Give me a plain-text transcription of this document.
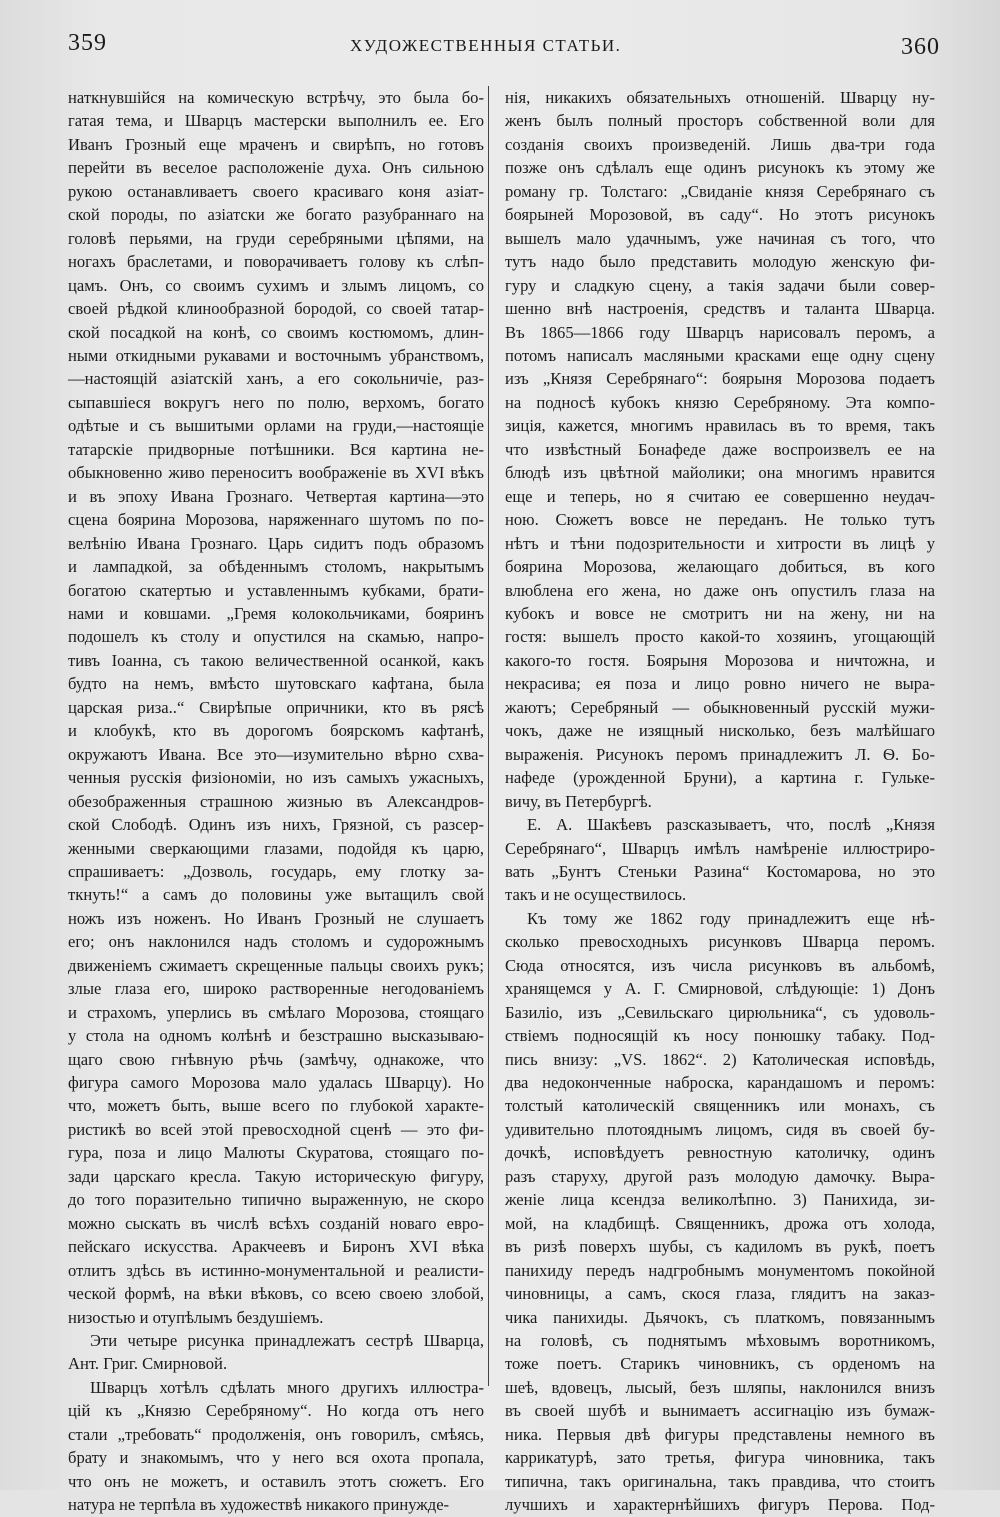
359	ХУДОЖЕСТВЕННЫЯ СТАТЬИ.	360
наткнувшійся на комическую встрѣчу, это была бо-
гатая тема, и Шварцъ мастерски выполнилъ ее. Его
Иванъ Грозный еще мраченъ и свирѣпъ, но готовъ
перейти въ веселое расположеніе духа. Онъ сильною
рукою останавливаетъ своего красиваго коня азіат-
ской породы, по азіатски же богато разубраннаго на
головѣ перьями, на груди серебряными цѣпями, на
ногахъ браслетами, и поворачиваетъ голову къ слѣп-
цамъ. Онъ, со своимъ сухимъ и злымъ лицомъ, со
своей рѣдкой клинообразной бородой, со своей татар-
ской посадкой на конѣ, со своимъ костюмомъ, длин-
ными откидными рукавами и восточнымъ убранствомъ,
—настоящій азіатскій ханъ, а его сокольничіе, раз-
сыпавшіеся вокругъ него по полю, верхомъ, богато
одѣтые и съ вышитыми орлами на груди,—настоящіе
татарскіе придворные потѣшники. Вся картина не-
обыкновенно живо переноситъ воображеніе въ XVI вѣкъ
и въ эпоху Ивана Грознаго. Четвертая картина—это
сцена боярина Морозова, наряженнаго шутомъ по по-
велѣнію Ивана Грознаго. Царь сидитъ подъ образомъ
и лампадкой, за обѣденнымъ столомъ, накрытымъ
богатою скатертью и уставленнымъ кубками, брати-
нами и ковшами. „Гремя колокольчиками, бояринъ
подошелъ къ столу и опустился на скамью, напро-
тивъ Іоанна, съ такою величественной осанкой, какъ
будто на немъ, вмѣсто шутовскаго кафтана, была
царская риза..“ Свирѣпые опричники, кто въ рясѣ
и клобукѣ, кто въ дорогомъ боярскомъ кафтанѣ,
окружаютъ Ивана. Все это—изумительно вѣрно схва-
ченныя русскія физіономіи, но изъ самыхъ ужасныхъ,
обезображенныя страшною жизнью въ Александров-
ской Слободѣ. Одинъ изъ нихъ, Грязной, съ разсер-
женными сверкающими глазами, подойдя къ царю,
спрашиваетъ: „Дозволь, государь, ему глотку за-
ткнуть!“ а самъ до половины уже вытащилъ свой
ножъ изъ ноженъ. Но Иванъ Грозный не слушаетъ
его; онъ наклонился надъ столомъ и судорожнымъ
движеніемъ сжимаетъ скрещенные пальцы своихъ рукъ;
злые глаза его, широко растворенные негодованіемъ
и страхомъ, уперлись въ смѣлаго Морозова, стоящаго
у стола на одномъ колѣнѣ и безстрашно высказываю-
щаго свою гнѣвную рѣчь (замѣчу, однакоже, что
фигура самого Морозова мало удалась Шварцу). Но
что, можетъ быть, выше всего по глубокой характе-
ристикѣ во всей этой превосходной сценѣ — это фи-
гура, поза и лицо Малюты Скуратова, стоящаго по-
зади царскаго кресла. Такую историческую фигуру,
до того поразительно типично выраженную, не скоро
можно сыскать въ числѣ всѣхъ созданій новаго евро-
пейскаго искусства. Аракчеевъ и Биронъ XVI вѣка
отлитъ здѣсь въ истинно-монументальной и реалисти-
ческой формѣ, на вѣки вѣковъ, со всею своею злобой,
низостью и отупѣлымъ бездушіемъ.
Эти четыре рисунка принадлежатъ сестрѣ Шварца,
Ант. Григ. Смирновой.
Шварцъ хотѣлъ сдѣлать много другихъ иллюстра-
цій къ „Князю Серебряному“. Но когда отъ него
стали „требовать“ продолженія, онъ говорилъ, смѣясь,
брату и знакомымъ, что у него вся охота пропала,
что онъ не можетъ, и оставилъ этотъ сюжетъ. Его
натура не терпѣла въ художествѣ никакого принужде-
нія, никакихъ обязательныхъ отношеній. Шварцу ну-
женъ былъ полный просторъ собственной воли для
созданія своихъ произведеній. Лишь два-три года
позже онъ сдѣлалъ еще одинъ рисунокъ къ этому же
роману гр. Толстаго: „Свиданіе князя Серебрянаго съ
боярыней Морозовой, въ саду“. Но этотъ рисунокъ
вышелъ мало удачнымъ, уже начиная съ того, что
тутъ надо было представить молодую женскую фи-
гуру и сладкую сцену, а такія задачи были совер-
шенно внѣ настроенія, средствъ и таланта Шварца.
Въ 1865—1866 году Шварцъ нарисовалъ перомъ, а
потомъ написалъ масляными красками еще одну сцену
изъ „Князя Серебрянаго“: боярыня Морозова подаетъ
на подносѣ кубокъ князю Серебряному. Эта компо-
зиція, кажется, многимъ нравилась въ то время, такъ
что извѣстный Бонафеде даже воспроизвелъ ее на
блюдѣ изъ цвѣтной майолики; она многимъ нравится
еще и теперь, но я считаю ее совершенно неудач-
ною. Сюжетъ вовсе не переданъ. Не только тутъ
нѣтъ и тѣни подозрительности и хитрости въ лицѣ у
боярина Морозова, желающаго добиться, въ кого
влюблена его жена, но даже онъ опустилъ глаза на
кубокъ и вовсе не смотритъ ни на жену, ни на
гостя: вышелъ просто какой-то хозяинъ, угощающій
какого-то гостя. Боярыня Морозова и ничтожна, и
некрасива; ея поза и лицо ровно ничего не выра-
жаютъ; Серебряный — обыкновенный русскій мужи-
чокъ, даже не изящный нисколько, безъ малѣйшаго
выраженія. Рисунокъ перомъ принадлежитъ Л. Ѳ. Бо-
нафеде (урожденной Бруни), а картина г. Гулькe-
вичу, въ Петербургѣ.
Е. А. Шакѣевъ разсказываетъ, что, послѣ „Князя
Серебрянаго“, Шварцъ имѣлъ намѣреніе иллюстриро-
вать „Бунтъ Стеньки Разина“ Костомарова, но это
такъ и не осуществилось.
Къ тому же 1862 году принадлежитъ еще нѣ-
сколько превосходныхъ рисунковъ Шварца перомъ.
Сюда относятся, изъ числа рисунковъ въ альбомѣ,
хранящемся у А. Г. Смирновой, слѣдующіе: 1) Донъ
Базиліо, изъ „Севильскаго цирюльника“, съ удоволь-
ствіемъ подносящій къ носу понюшку табаку. Под-
пись внизу: „VS. 1862“. 2) Католическая исповѣдь,
два недоконченные наброска, карандашомъ и перомъ:
толстый католическій священникъ или монахъ, съ
удивительно плотояднымъ лицомъ, сидя въ своей бу-
дочкѣ, исповѣдуетъ ревностную католичку, одинъ
разъ старуху, другой разъ молодую дамочку. Выра-
женіе лица ксендза великолѣпно. 3) Панихида, зи-
мой, на кладбищѣ. Священникъ, дрожа отъ холода,
въ ризѣ поверхъ шубы, съ кадиломъ въ рукѣ, поетъ
панихиду передъ надгробнымъ монументомъ покойной
чиновницы, а самъ, скося глаза, глядитъ на заказ-
чика панихиды. Дьячокъ, съ платкомъ, повязаннымъ
на головѣ, съ поднятымъ мѣховымъ воротникомъ,
тоже поетъ. Старикъ чиновникъ, съ орденомъ на
шеѣ, вдовецъ, лысый, безъ шляпы, наклонился внизъ
въ своей шубѣ и вынимаетъ ассигнацію изъ бумаж-
ника. Первыя двѣ фигуры представлены немного въ
каррикатурѣ, зато третья, фигура чиновника, такъ
типична, такъ оригинальна, такъ правдива, что стоитъ
лучшихъ и характернѣйшихъ фигуръ Перова. Под-
